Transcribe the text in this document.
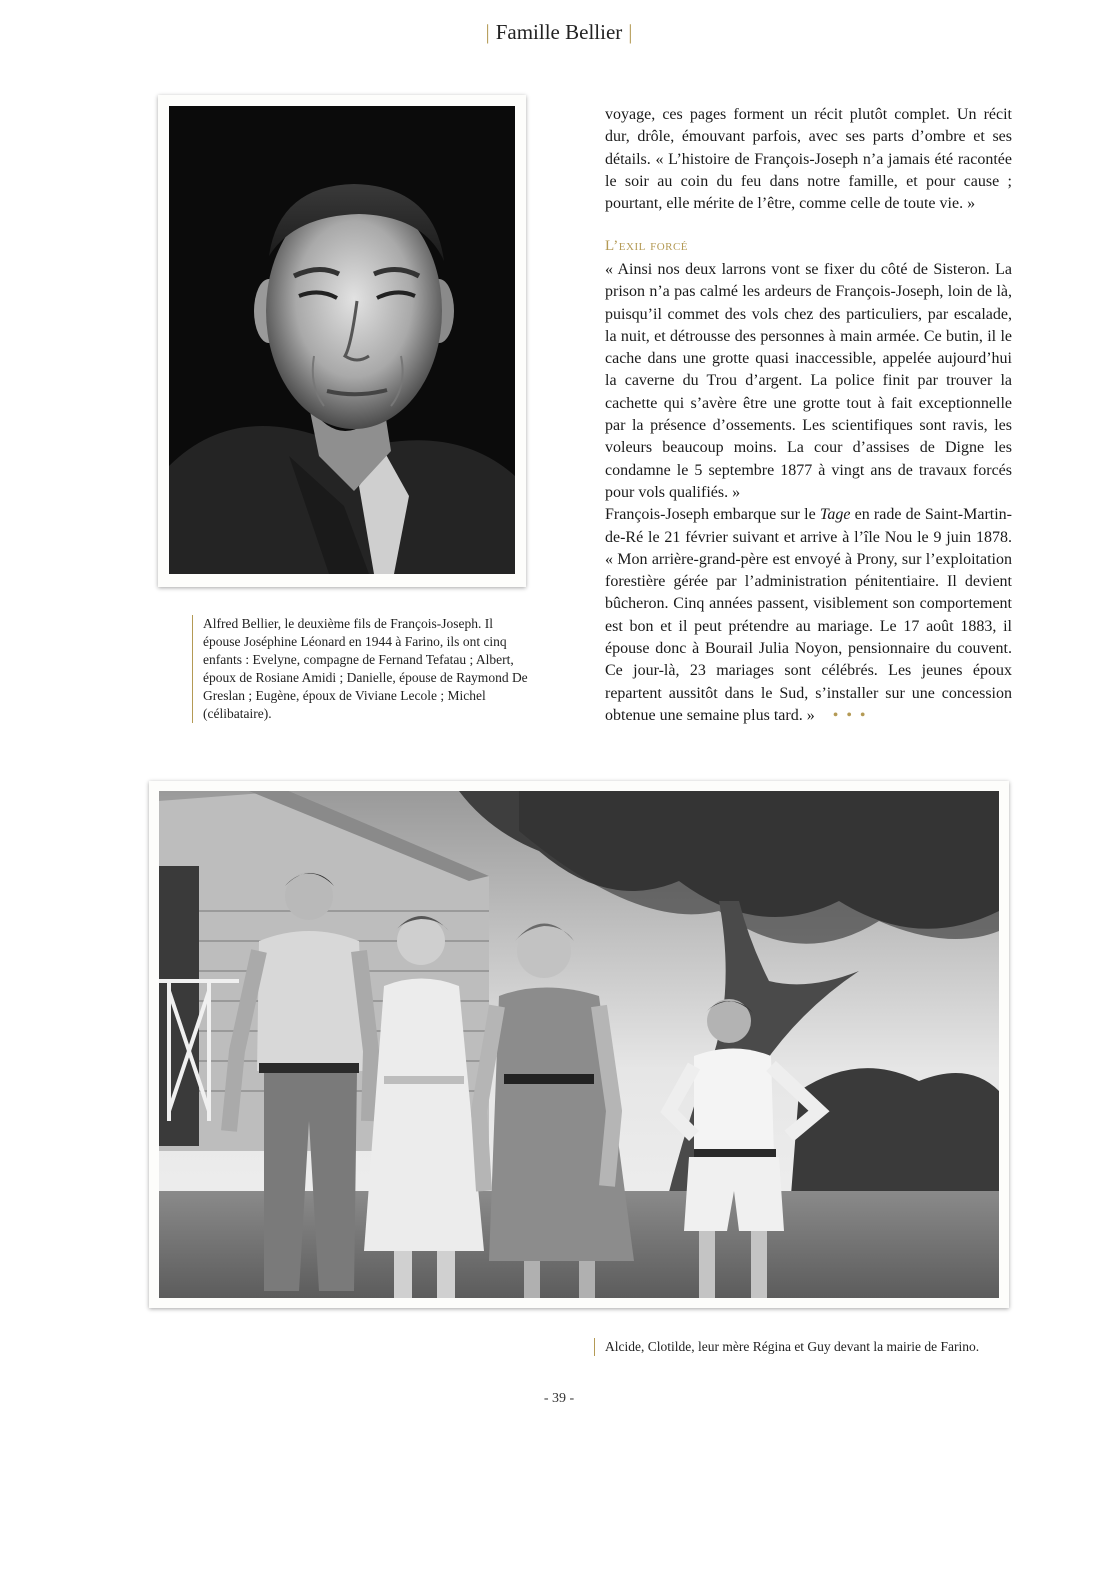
| Famille Bellier |

Alfred Bellier, le deuxième fils de François-Joseph. Il épouse Joséphine Léonard en 1944 à Farino, ils ont cinq enfants : Evelyne, compagne de Fernand Tefatau ; Albert, époux de Rosiane Amidi ; Danielle, épouse de Raymond De Greslan ; Eugène, époux de Viviane Lecole ; Michel (célibataire).

voyage, ces pages forment un récit plutôt complet. Un récit dur, drôle, émouvant parfois, avec ses parts d’ombre et ses détails. « L’histoire de François-Joseph n’a jamais été racontée le soir au coin du feu dans notre famille, et pour cause ; pourtant, elle mérite de l’être, comme celle de toute vie. »

L’exil forcé

« Ainsi nos deux larrons vont se fixer du côté de Sisteron. La prison n’a pas calmé les ardeurs de François-Joseph, loin de là, puisqu’il commet des vols chez des particuliers, par escalade, la nuit, et détrousse des personnes à main armée. Ce butin, il le cache dans une grotte quasi inaccessible, appelée aujourd’hui la caverne du Trou d’argent. La police finit par trouver la cachette qui s’avère être une grotte tout à fait exceptionnelle par la présence d’ossements. Les scientifiques sont ravis, les voleurs beaucoup moins. La cour d’assises de Digne les condamne le 5 septembre 1877 à vingt ans de travaux forcés pour vols qualifiés. »

François-Joseph embarque sur le Tage en rade de Saint-Martin-de-Ré le 21 février suivant et arrive à l’île Nou le 9 juin 1878. « Mon arrière-grand-père est envoyé à Prony, sur l’exploitation forestière gérée par l’administration pénitentiaire. Il devient bûcheron. Cinq années passent, visiblement son comportement est bon et il peut prétendre au mariage. Le 17 août 1883, il épouse donc à Bourail Julia Noyon, pensionnaire du couvent. Ce jour-là, 23 mariages sont célébrés. Les jeunes époux repartent aussitôt dans le Sud, s’installer sur une concession obtenue une semaine plus tard. » • • •

Alcide, Clotilde, leur mère Régina et Guy devant la mairie de Farino.

- 39 -
